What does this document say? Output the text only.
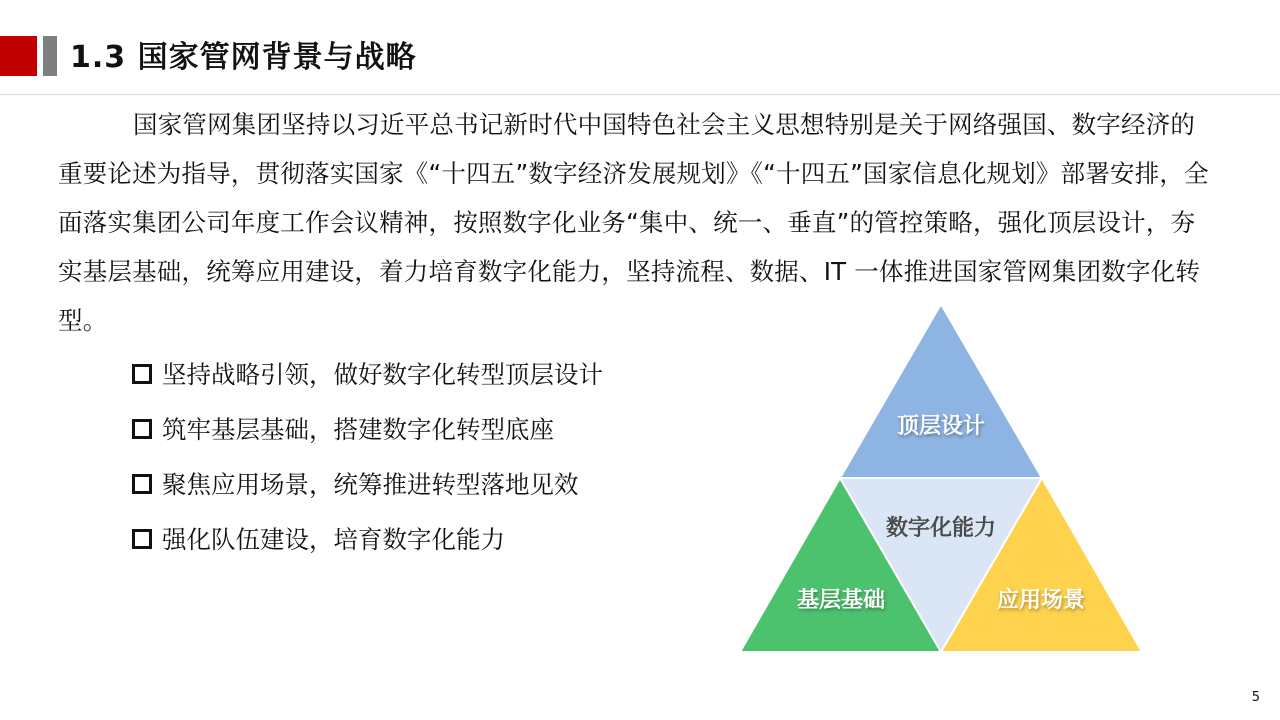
1.3 国家管网背景与战略

国家管网集团坚持以习近平总书记新时代中国特色社会主义思想特别是关于网络强国、数字经济的重要论述为指导，贯彻落实国家《“十四五”数字经济发展规划》《“十四五”国家信息化规划》部署安排，全面落实集团公司年度工作会议精神，按照数字化业务“集中、统一、垂直”的管控策略，强化顶层设计，夯实基层基础，统筹应用建设，着力培育数字化能力，坚持流程、数据、IT 一体推进国家管网集团数字化转型。

坚持战略引领，做好数字化转型顶层设计
筑牢基层基础，搭建数字化转型底座
聚焦应用场景，统筹推进转型落地见效
强化队伍建设，培育数字化能力
顶层设计
数字化能力
基层基础	应用场景
5
